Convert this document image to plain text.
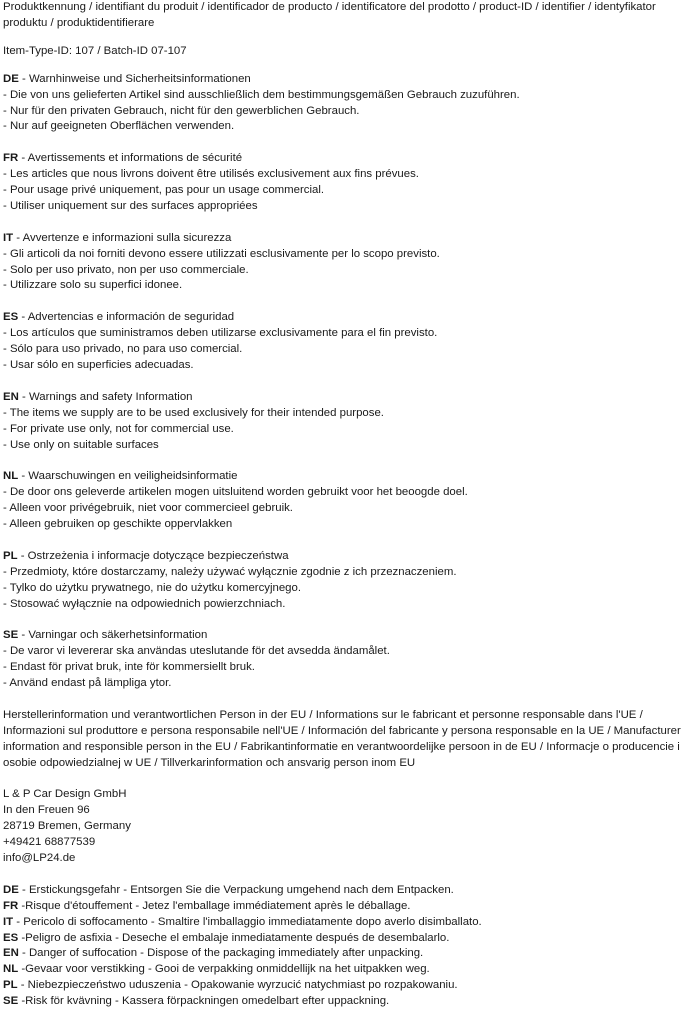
Produktkennung / identifiant du produit / identificador de producto / identificatore del prodotto / product-ID / identifier / identyfikator
produktu / produktidentifierare
Item-Type-ID: 107 / Batch-ID 07-107
DE - Warnhinweise und Sicherheitsinformationen
- Die von uns gelieferten Artikel sind ausschließlich dem bestimmungsgemäßen Gebrauch zuzuführen.
- Nur für den privaten Gebrauch, nicht für den gewerblichen Gebrauch.
- Nur auf geeigneten Oberflächen verwenden.
FR - Avertissements et informations de sécurité
- Les articles que nous livrons doivent être utilisés exclusivement aux fins prévues.
- Pour usage privé uniquement, pas pour un usage commercial.
- Utiliser uniquement sur des surfaces appropriées
IT - Avvertenze e informazioni sulla sicurezza
- Gli articoli da noi forniti devono essere utilizzati esclusivamente per lo scopo previsto.
- Solo per uso privato, non per uso commerciale.
- Utilizzare solo su superfici idonee.
ES - Advertencias e información de seguridad
- Los artículos que suministramos deben utilizarse exclusivamente para el fin previsto.
- Sólo para uso privado, no para uso comercial.
- Usar sólo en superficies adecuadas.
EN - Warnings and safety Information
- The items we supply are to be used exclusively for their intended purpose.
- For private use only, not for commercial use.
- Use only on suitable surfaces
NL - Waarschuwingen en veiligheidsinformatie
- De door ons geleverde artikelen mogen uitsluitend worden gebruikt voor het beoogde doel.
- Alleen voor privégebruik, niet voor commercieel gebruik.
- Alleen gebruiken op geschikte oppervlakken
PL - Ostrzeżenia i informacje dotyczące bezpieczeństwa
- Przedmioty, które dostarczamy, należy używać wyłącznie zgodnie z ich przeznaczeniem.
- Tylko do użytku prywatnego, nie do użytku komercyjnego.
- Stosować wyłącznie na odpowiednich powierzchniach.
SE - Varningar och säkerhetsinformation
- De varor vi levererar ska användas uteslutande för det avsedda ändamålet.
- Endast för privat bruk, inte för kommersiellt bruk.
- Använd endast på lämpliga ytor.
Herstellerinformation und verantwortlichen Person in der EU / Informations sur le fabricant et personne responsable dans l'UE / Informazioni sul produttore e persona responsabile nell'UE / Información del fabricante y persona responsable en la UE / Manufacturer information and responsible person in the EU / Fabrikantinformatie en verantwoordelijke persoon in de EU / Informacje o producencie i osobie odpowiedzialnej w UE / Tillverkarinformation och ansvarig person inom EU
L & P Car Design GmbH
In den Freuen 96
28719 Bremen, Germany
+49421 68877539
info@LP24.de
DE - Erstickungsgefahr - Entsorgen Sie die Verpackung umgehend nach dem Entpacken.
FR -Risque d'étouffement - Jetez l'emballage immédiatement après le déballage.
IT - Pericolo di soffocamento - Smaltire l'imballaggio immediatamente dopo averlo disimballato.
ES -Peligro de asfixia - Deseche el embalaje inmediatamente después de desembalarlo.
EN - Danger of suffocation - Dispose of the packaging immediately after unpacking.
NL -Gevaar voor verstikking - Gooi de verpakking onmiddellijk na het uitpakken weg.
PL - Niebezpieczeństwo uduszenia - Opakowanie wyrzucić natychmiast po rozpakowaniu.
SE -Risk för kvävning - Kassera förpackningen omedelbart efter uppackning.
